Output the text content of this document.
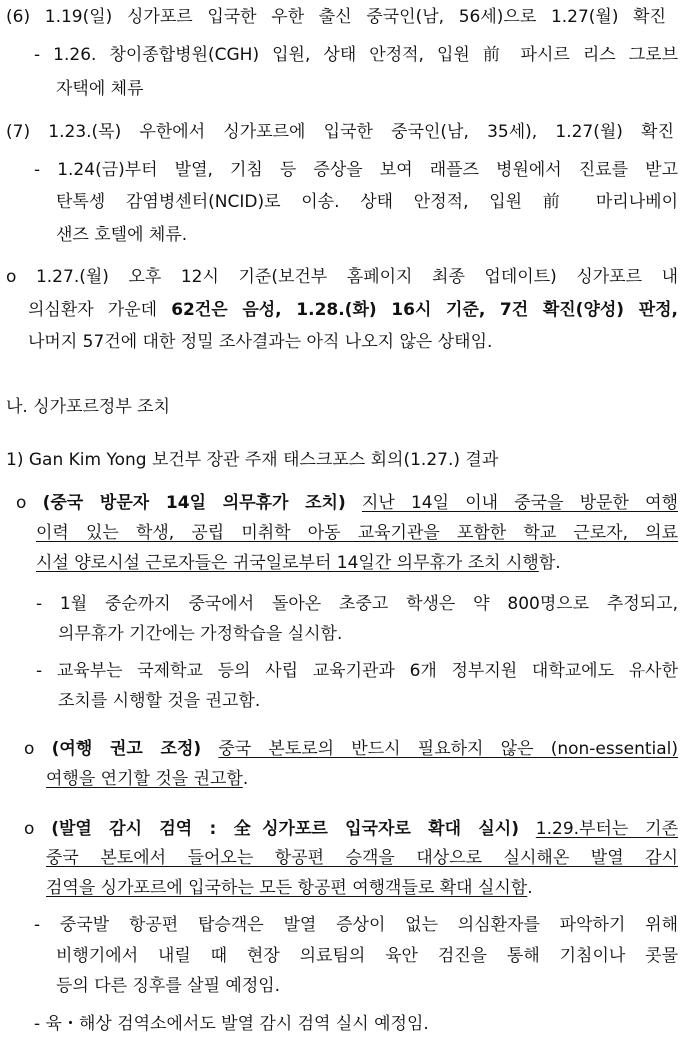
(6) 1.19(일) 싱가포르 입국한 우한 출신 중국인(남, 56세)으로 1.27(월) 확진
- 1.26. 창이종합병원(CGH) 입원, 상태 안정적, 입원 前 파시르 리스 그로브
자택에 체류
(7) 1.23.(목) 우한에서 싱가포르에 입국한 중국인(남, 35세), 1.27(월) 확진
- 1.24(금)부터 발열, 기침 등 증상을 보여 래플즈 병원에서 진료를 받고
탄톡셍 감염병센터(NCID)로 이송. 상태 안정적, 입원 前 마리나베이
샌즈 호텔에 체류.
o 1.27.(월) 오후 12시 기준(보건부 홈페이지 최종 업데이트) 싱가포르 내
의심환자 가운데 62건은 음성, 1.28.(화) 16시 기준, 7건 확진(양성) 판정,
나머지 57건에 대한 정밀 조사결과는 아직 나오지 않은 상태임.
나. 싱가포르정부 조치
1) Gan Kim Yong 보건부 장관 주재 태스크포스 회의(1.27.) 결과
o (중국 방문자 14일 의무휴가 조치) 지난 14일 이내 중국을 방문한 여행
이력 있는 학생, 공립 미취학 아동 교육기관을 포함한 학교 근로자, 의료
시설 양로시설 근로자들은 귀국일로부터 14일간 의무휴가 조치 시행함.
- 1월 중순까지 중국에서 돌아온 초중고 학생은 약 800명으로 추정되고,
의무휴가 기간에는 가정학습을 실시함.
- 교육부는 국제학교 등의 사립 교육기관과 6개 정부지원 대학교에도 유사한
조치를 시행할 것을 권고함.
o (여행 권고 조정) 중국 본토로의 반드시 필요하지 않은 (non-essential)
여행을 연기할 것을 권고함.
o (발열 감시 검역 : 全싱가포르 입국자로 확대 실시) 1.29.부터는 기존
중국 본토에서 들어오는 항공편 승객을 대상으로 실시해온 발열 감시
검역을 싱가포르에 입국하는 모든 항공편 여행객들로 확대 실시함.
- 중국발 항공편 탑승객은 발열 증상이 없는 의심환자를 파악하기 위해
비행기에서 내릴 때 현장 의료팀의 육안 검진을 통해 기침이나 콧물
등의 다른 징후를 살필 예정임.
- 육・해상 검역소에서도 발열 감시 검역 실시 예정임.
